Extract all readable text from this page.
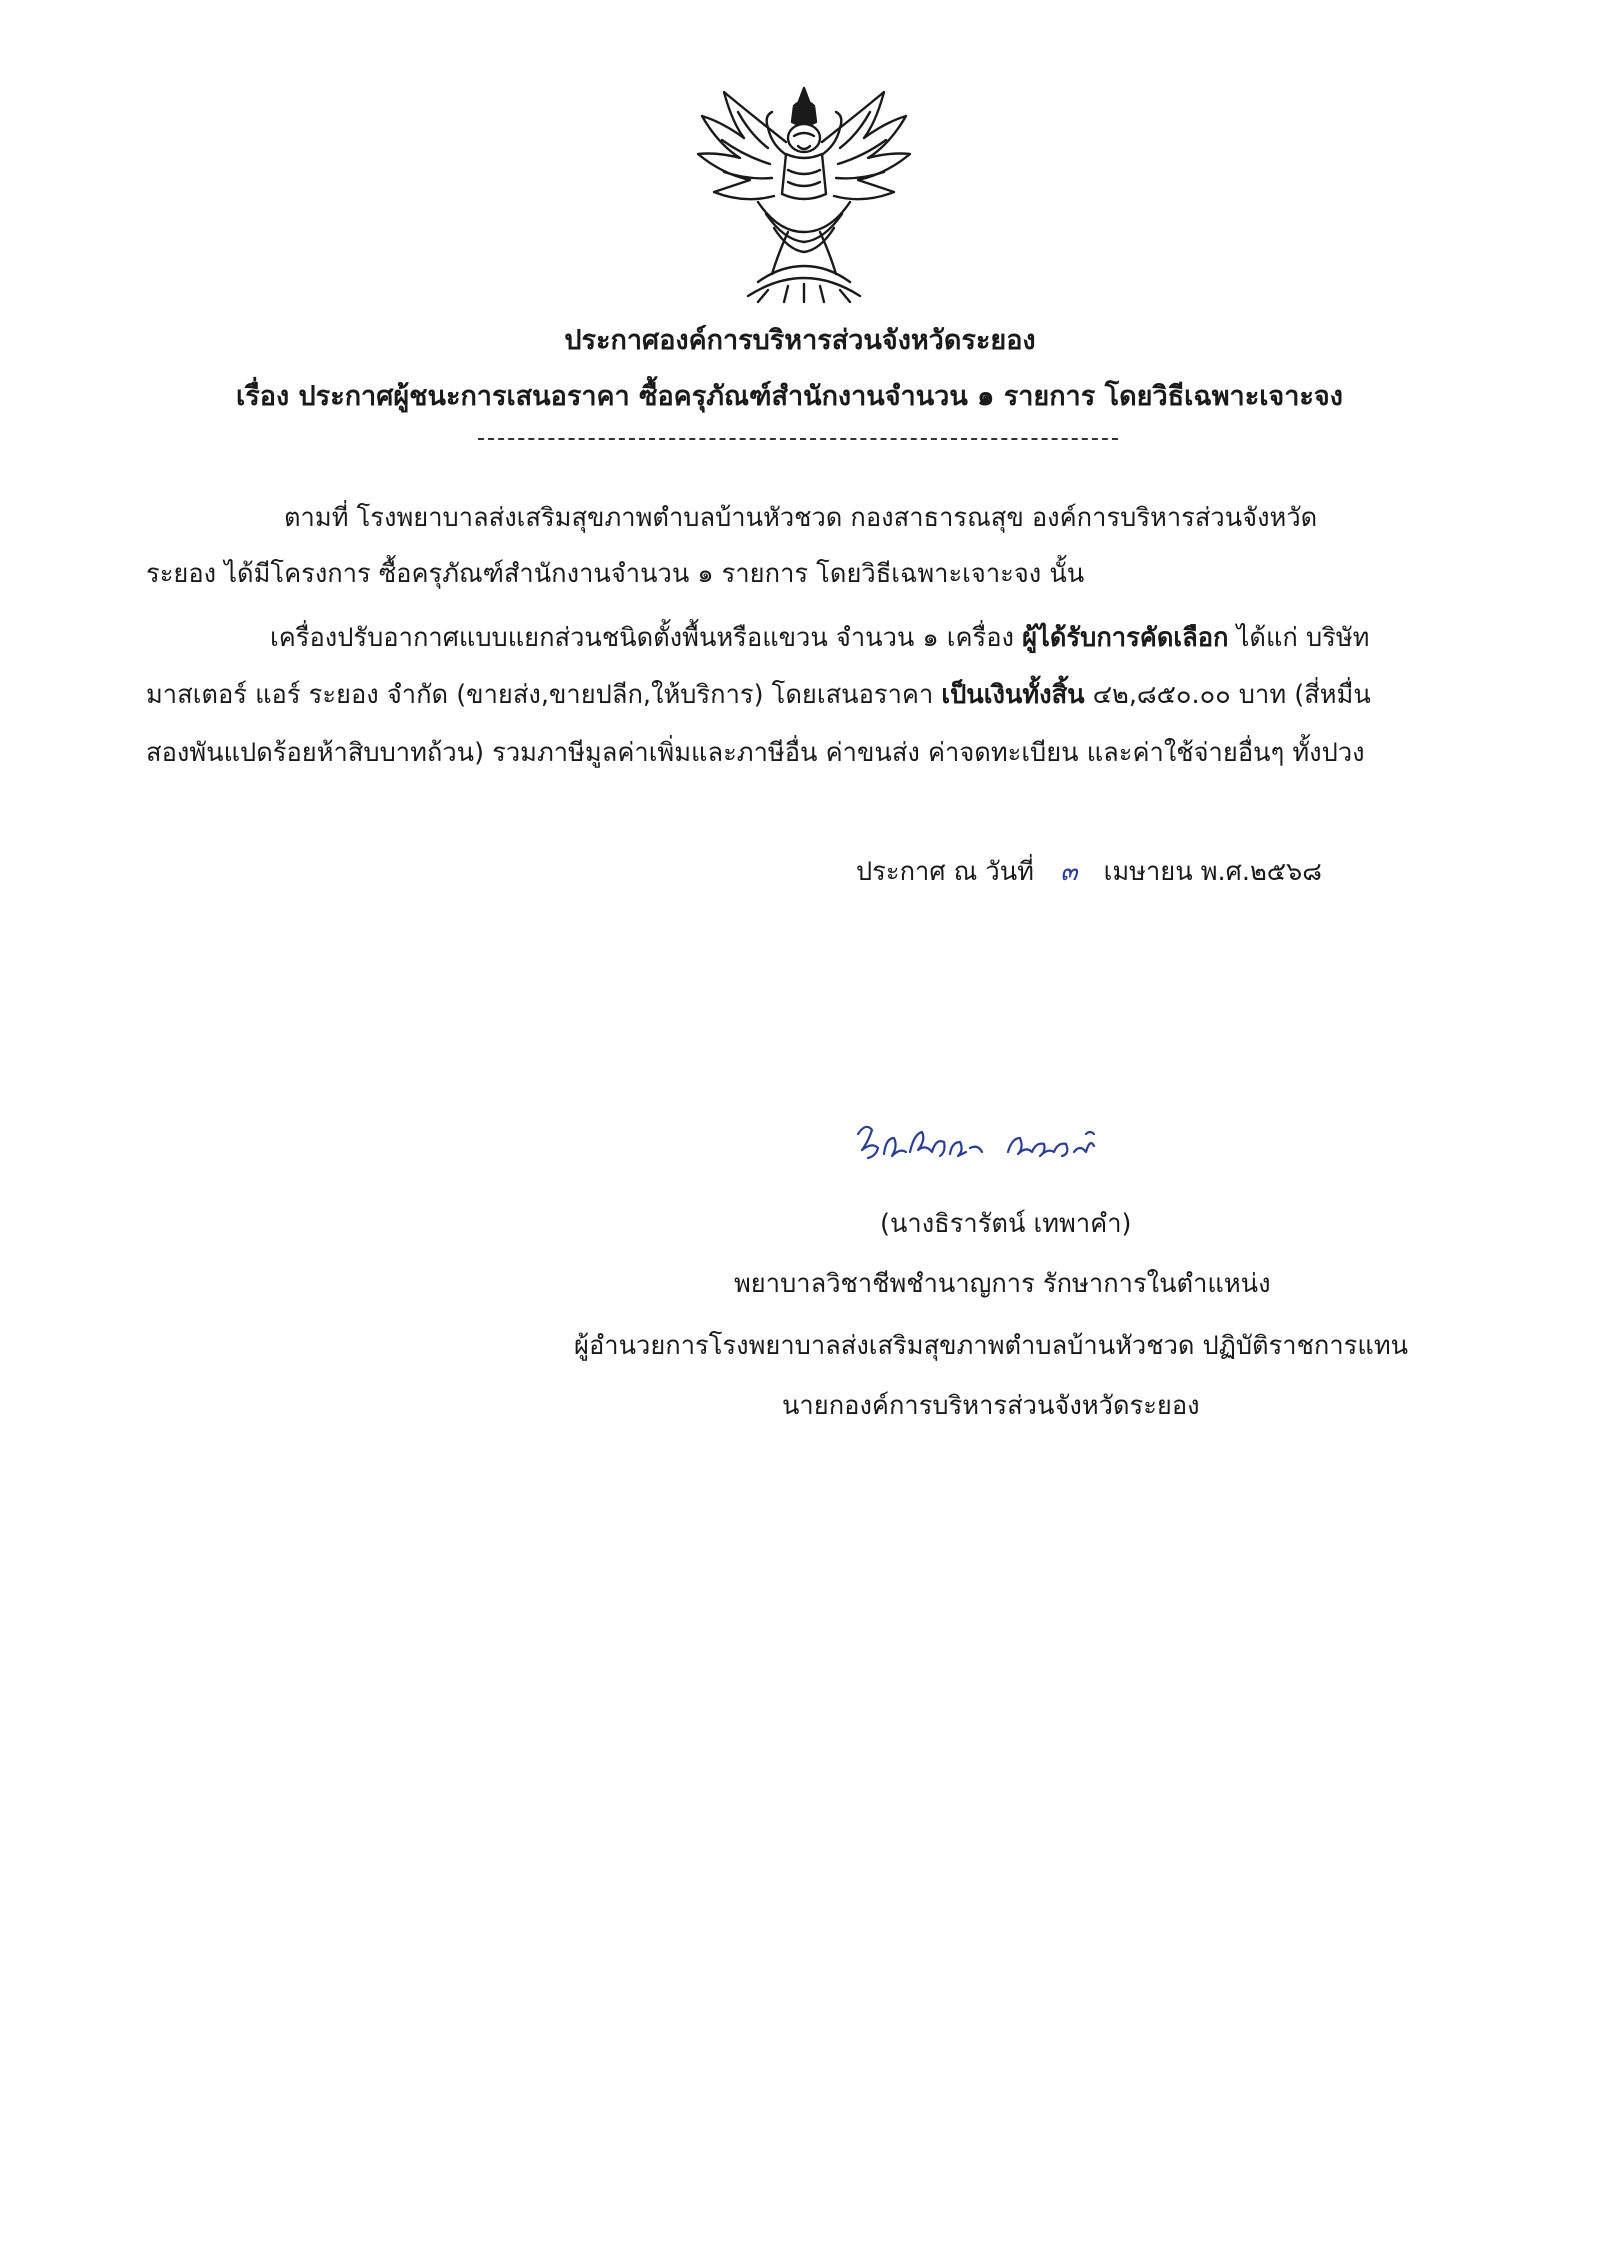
ประกาศองค์การบริหารส่วนจังหวัดระยอง
เรื่อง ประกาศผู้ชนะการเสนอราคา ซื้อครุภัณฑ์สำนักงานจำนวน ๑ รายการ โดยวิธีเฉพาะเจาะจง
ตามที่ โรงพยาบาลส่งเสริมสุขภาพตำบลบ้านหัวชวด กองสาธารณสุข องค์การบริหารส่วนจังหวัด
ระยอง ได้มีโครงการ ซื้อครุภัณฑ์สำนักงานจำนวน ๑ รายการ โดยวิธีเฉพาะเจาะจง นั้น
เครื่องปรับอากาศแบบแยกส่วนชนิดตั้งพื้นหรือแขวน จำนวน ๑ เครื่อง ผู้ได้รับการคัดเลือก ได้แก่ บริษัท
มาสเตอร์ แอร์ ระยอง จำกัด (ขายส่ง,ขายปลีก,ให้บริการ) โดยเสนอราคา เป็นเงินทั้งสิ้น ๔๒,๘๕๐.๐๐ บาท (สี่หมื่น
สองพันแปดร้อยห้าสิบบาทถ้วน) รวมภาษีมูลค่าเพิ่มและภาษีอื่น ค่าขนส่ง ค่าจดทะเบียน และค่าใช้จ่ายอื่นๆ ทั้งปวง
ประกาศ ณ วันที่ ๓ เมษายน พ.ศ.๒๕๖๘
(นางธิรารัตน์ เทพาคำ)
พยาบาลวิชาชีพชำนาญการ รักษาการในตำแหน่ง
ผู้อำนวยการโรงพยาบาลส่งเสริมสุขภาพตำบลบ้านหัวชวด ปฏิบัติราชการแทน
นายกองค์การบริหารส่วนจังหวัดระยอง
